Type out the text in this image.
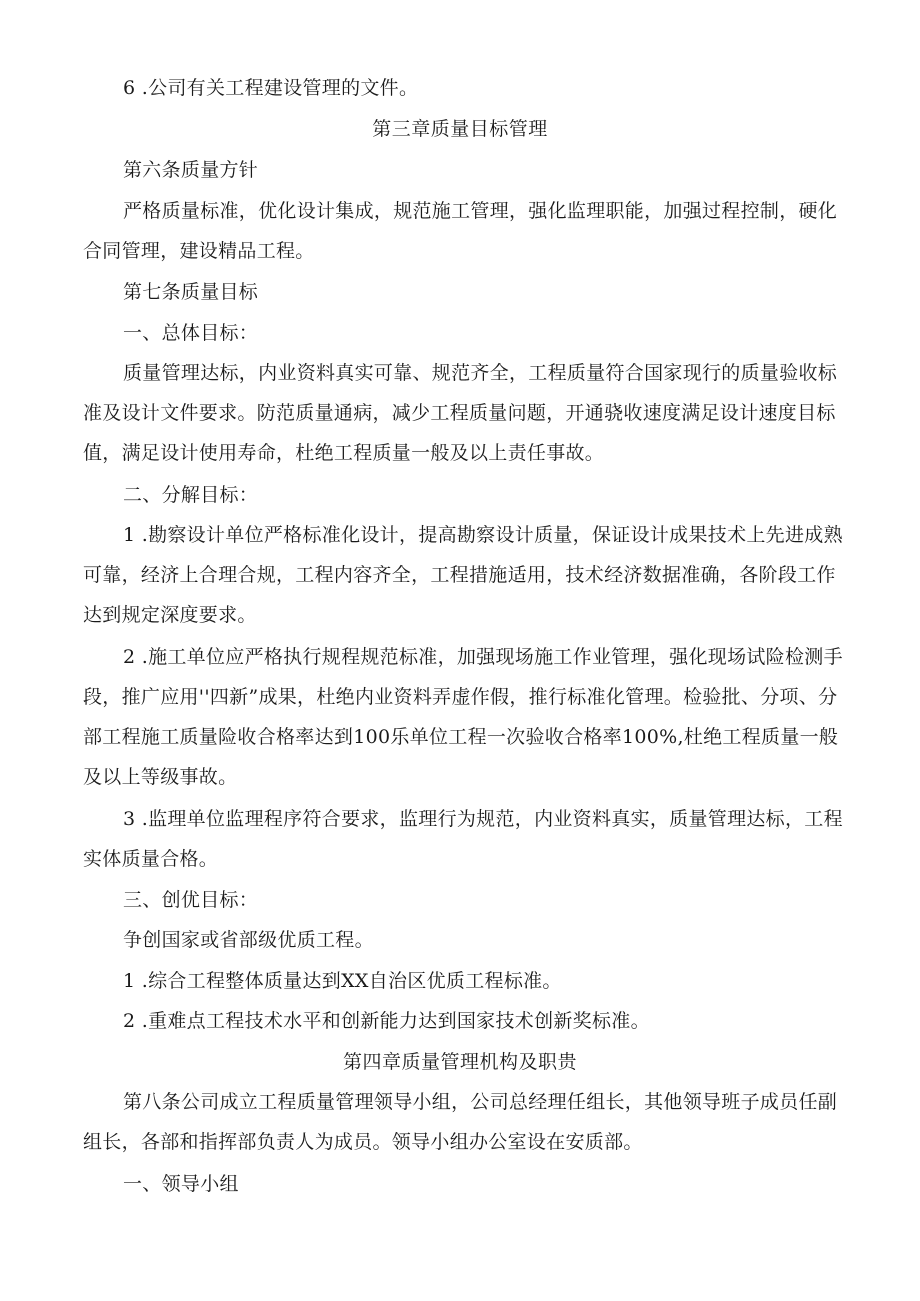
6 .公司有关工程建设管理的文件。

第三章质量目标管理

第六条质量方针

严格质量标准，优化设计集成，规范施工管理，强化监理职能，加强过程控制，硬化合同管理，建设精品工程。

第七条质量目标

一、总体目标：

质量管理达标，内业资料真实可靠、规范齐全，工程质量符合国家现行的质量验收标准及设计文件要求。防范质量通病，减少工程质量问题，开通骁收速度满足设计速度目标值，满足设计使用寿命，杜绝工程质量一般及以上责任事故。

二、分解目标：

1 .勘察设计单位严格标准化设计，提高勘察设计质量，保证设计成果技术上先进成熟可靠，经济上合理合规，工程内容齐全，工程措施适用，技术经济数据准确，各阶段工作达到规定深度要求。

2 .施工单位应严格执行规程规范标准，加强现场施工作业管理，强化现场试险检测手段，推广应用''四新”成果，杜绝内业资料弄虚作假，推行标准化管理。检验批、分项、分部工程施工质量险收合格率达到100乐单位工程一次验收合格率100%,杜绝工程质量一般及以上等级事故。

3 .监理单位监理程序符合要求，监理行为规范，内业资料真实，质量管理达标，工程实体质量合格。

三、创优目标：

争创国家或省部级优质工程。

1 .综合工程整体质量达到XX自治区优质工程标准。

2 .重难点工程技术水平和创新能力达到国家技术创新奖标准。

第四章质量管理机构及职贵

第八条公司成立工程质量管理领导小组，公司总经理任组长，其他领导班子成员任副组长，各部和指挥部负责人为成员。领导小组办公室设在安质部。

一、领导小组
